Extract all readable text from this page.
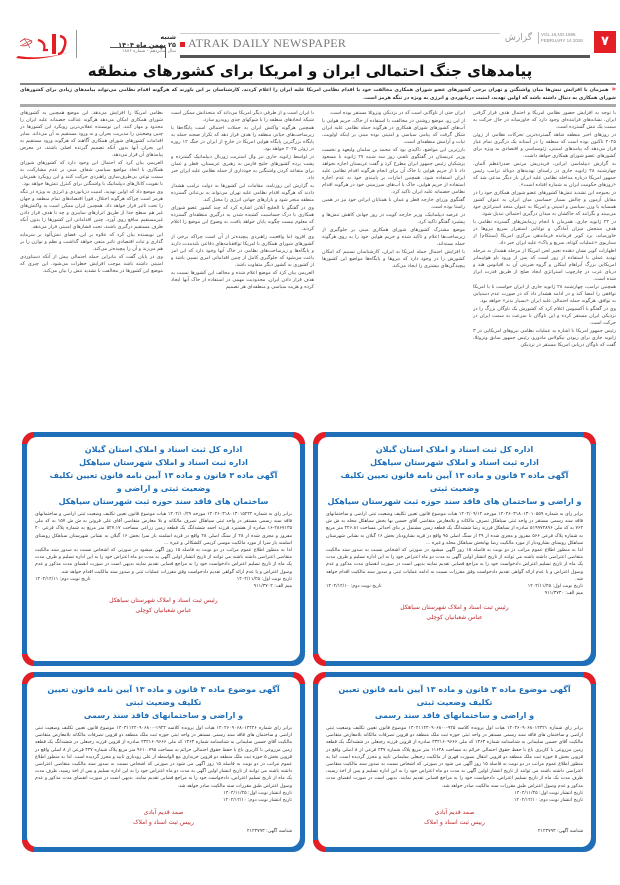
۷
VOL.16,NO.1886
FEBRUARY 14 2026
گزارش
ATRAK DAILY NEWSPAPER
شنبه
۲۵ بهمن ماه ۱۴۰۴
سال شانزدهم - شماره ۱۸۸۶
پیامدهای جنگ احتمالی ایران و امریکا برای کشورهای منطقه
«همزمان با افزایش تنش‌ها میان واشنگتن و تهران برخی کشورهای عضو شورای همکاری مخالفت خود با اقدام نظامی امریکا علیه ایران را اعلام کردند. کارشناسان بر این باورند که هرگونه اقدام نظامی می‌تواند پیامدهای زیادی برای کشورهای شورای همکاری به دنبال داشته باشد که اولین تهدید، امنیت دریانوردی و انرژی به ویژه در تنگه هرمز است.

با توجه به افزایش حضور نظامی امریکا و احتمال هدف قرار گرفتن ایران، نشانه‌های فزاینده‌ای وجود دارد که خاورمیانه در حال حرکت به سمت یک تنش گسترده است.

در روزهای اخیر منطقه شاهد گسترده‌ترین تحرکات نظامی از ژوئن ۲۰۲۵ تاکنون بوده است که منطقه را در آستانه یک درگیری تمام عیار قرار می‌دهد که پیامدهای امنیتی، ژئوسیاسی و اقتصادی به ویژه برای کشورهای عضو شورای همکاری خواهد داشت.

به گزارش دیپلماسی ایرانی، فریدریش مرتس صدراعظم آلمان، چهارشنبه ۲۸ ژانویه جاری در راستای تهدیدهای دونالد ترامپ رئیس جمهور امریکا درباره مداخله نظامی علیه ایران بار دیگر مدعی شد که «روزهای حکومت ایران به شماره افتاده است».

در بحبوحه این تشدید تنش‌ها کشورهای عضو شورای همکاری خود را در مقابل آزمون و چالش بسیار حساسی میان ایران به عنوان کشور همسایه با وزن سیاسی و امنیتی و امریکا به عنوان متحد استراتژی خود می‌بینند و نگرانند که خاکشان به میدان درگیری احتمالی تبدیل شود.

در ۲۴ ژانویه جاری، همزمان با انجام رزمایش‌های گسترده نظامی با هدف سنجش میزان آمادگی و توانایی استقرار سریع نیروها در خاورمیانه، برد کوپر فرمانده فرماندهی مرکزی امریکا (سنتکام) از سناریوی «عملیات کوتاه، سریع و پاک» علیه ایران خبر داد.

اظهارات کوپر نشان دهنده تغییر لحن امریکا از مرحله هشدار به مرحله تهدید عملی با استفاده از زور است که پس از ورود ناو هواپیمابر امریکایی بزرگ آبراهام لینکلن و گروه ضربتی آن به اقیانوس هند و دریای عرب در چارچوب استراتژی ایجاد صلح از طریق قدرت ابراز شده است.

همچنین ترامپ، چهارشنبه ۲۸ ژانویه جاری از ایران خواست تا با امریکا توافقی را امضا کند و در ادامه هشدار داد که در صورت عدم دستیابی به توافق، هرگونه حمله احتمالی علیه ایران «بسیار بدتر» خواهد بود.

وی در گفتگو با آکسیوس اعلام کرد که کشورش یک ناوگان بزرگ را در نزدیکی ایران مستقر کرده و این ناوگان با سرعت به سمت ایران در حرکت است.

رئیس جمهور امریکا با اشاره به عملیات نظامی نیروهای امریکایی در ۳ ژانویه جاری برای ربودن نیکولاس مادورو، رئیس جمهور سابق ونزوئلا، گفت که ناوگان دریایی امریکا مستقر در نزدیکی

ایران حتی از ناوگانی است که در نزدیکی ونزوئلا مستقر بوده است.

از این رو، موضع روشنی در مخالفت با استفاده از خاک، حریم هوایی یا آب‌های کشورهای شورای همکاری در هرگونه حمله نظامی علیه ایران شکل گرفت که پیامی سیاسی و امنیتی بوده مبنی بر اینکه اولویت، ثبات و آرامش منطقه‌ای است.

بارزترین این مواضع، تاکیدی بود که محمد بن سلمان ولیعهد و نخست وزیر عربستان در گفتگوی تلفنی روز سه شنبه ۲۷ ژانویه با مسعود پزشکیان رئیس جمهور ایران مطرح کرد و گفت عربستان اجازه نخواهد داد تا از حریم هوایی یا خاک آن برای انجام هرگونه اقدام نظامی علیه ایران استفاده شود. همچنین امارات بر پایبندی خود به عدم اجازه استفاده از حریم هوایی، خاک یا آب‌های سرزمینی خود در هرگونه اقدام نظامی خصمانه علیه ایران تاکید کرد.

گفتگوی وزرای خارجه قطر و عمان با همتایان ایرانی خود نیز در همین راستا بوده است.

در عرصه دیپلماتیک، وزیر خارجه کویت در روز جهانی کاهش تنش‌ها و پیشبرد گفتگو تاکید کرد.

موضع مشترک کشورهای شورای همکاری مبنی بر جلوگیری از زیرساخت‌ها اعلام و تاکید شده و حریم هوایی خود را به روی هرگونه حمله بسته‌اند.

با افزایش احتمال حمله امریکا به ایران، کارشناسان تسنیم که امکان کشورش را در وجود دارد که نیروها و پایگاه‌ها مواضع این کشورها پیچیدگی‌های بیشتری را ایجاد می‌کند.

با ایران است و از طرفی دیگر امریکا می‌داند که متحدانش ممکن است شبکه اتحادهای منطقه را با شوکهای جدی روبه‌رو سازد.

همچنین هرگونه واکنش ایران به حملات احتمالی است پایگاه‌ها یا زیرساخت‌های حیاتی منطقه را هدف قرار دهد که تکرار صحنه حمله به پایگاه بزرگترین پایگاه هوایی امریکا در خارج از ایران در جنگ ۱۲ روزه در ژوئن ۲۰۲۵ خواهد بود.

در اواسط ژانویه جاری نیز وال استریت ژورنال دیپلماتیک گسترده و پشت پرده کشورهای خلیج فارس به رهبری عربستان، قطر و عمان برای متقاعد کردن واشنگتن به خودداری از حمله نظامی علیه ایران خبر داد.

به گزارش این روزنامه، مقامات این کشورها به دولت ترامپ هشدار دادند که هرگونه اقدام نظامی علیه تهران می‌تواند به بی‌ثباتی گسترده منطقه منجر شود و بازارهای جهانی انرژی را مختل کند.

وی در گفتگو با الخلیج آنلاین اشاره کرد که چند کشور عضو شورای همکاری با درک حساسیت کشیده شدن به درگیری منطقه‌ای گسترده که معلوم نیست چگونه پایان خواهد یافت، به وضوح این موضع را اعلام کردند.

وی افزود اما واقعیت راهبردی پیچیده‌تر از آن است چراکه برخی از کشورهای شورای همکاری با امریکا توافقنامه‌های دفاعی بلندمدت دارند و پایگاه‌ها و زیرساخت‌های نظامی در خاک آنها وجود دارد که این امر باعث می‌شود که جلوگیری کامل از چنین اقداماتی امری نسبی باشد و از کشوری به کشور دیگر متفاوت باشد.

العریمی بیان کرد که موضع اعلام شده و مخالف این کشورها نسبت به هدف قرار دادن ایران، محدودیت مهمی در استفاده از خاک آنها ایجاد کرده و هزینه سیاسی و منطقه‌ای هر تصمیم

نظامی امریکا را افزایش می‌دهد. این موضع همچنین به کشورهای شورای همکاری امکان می‌دهد هرگونه عدالت خصمانه علیه ایران را محدود و مهار کنند. این نویسنده عقلانی‌ترین رویکرد این کشورها در چنین وضعیتی را مدیریت بحران و نه ورود مستقیم به آن می‌داند. سایر اقدامات کشورهای شورای همکاری آگاهند که هرگونه ورود مستقیم به این بحران آنها بدون آنکه تصمیم گیرنده اصلی باشند، در معرض پیامدهای آن قرار می‌دهد.

العریمی بیان کرد که احتمال این وجود دارد که کشورهای شورای همکاری با اتخاذ مواضع سیاسی شفاف مبنی بر عدم مشارکت، به سمت نوعی بی‌طرف‌سازی راهبردی حرکت کنند و این رویکرد همزمان با تقویت کانال‌های دیپلماتیک با واشنگتن برای کنترل تنش‌ها خواهد بود.

وی موضع داد که اولین تهدید، امنیت دریانوردی و انرژی به ویژه در تنگه هرمز است چراکه هرگونه اختلال، فورا اقتصادهای تمام منطقه و جهان را تحت تاثیر قرار خواهد داد. همچنین ایران ممکن است به واکنش‌های غیر هم سطح جدا از طریق ابزارهای سایبری و چه با هدف قرار دادن غیرمستقیم منافع روی آورد. چنین اقداماتی این کشورها را بدون آنکه طرف مستقیم درگیری باشند، تحت فشارهای امنیتی قرار می‌دهد.

این نویسنده بیان کرد که علاوه بر این، فضای تنش‌آلود بر سرمایه گذاری و ثبات اقتصادی تاثیر منفی خواهد گذاشت و نظم و توازن را بر هم می‌زند و آن را پیچیده‌تر می‌کند.

وی در پایان گفت که بنابراین حمله احتمالی پیش از آنکه دستاوردی امنیتی داشته باشد موجب افزایش خطرات می‌شود. این چیزی که موضع این کشورها در مخالفت با تشدید تنش را بیان می‌کند.

اداره کل ثبت اسناد و املاک استان گیلان
اداره ثبت اسناد و املاک شهرستان سیاهکل
آگهی ماده ۳ قانون و ماده ۱۳ آیین نامه قانون تعیین تکلیف وضعیت ثبتی
و اراضی و ساختمان های فاقد سند حوزه ثبت شهرستان سیاهکل
برابر رای به شماره ۱۴۰۴۶۰۳۱۸۰۱۳۰۱۰۵۵۹ مورخه ۱۴۰۴/۰۹/۱۲ هیات موضوع قانون تعیین تکلیف وضعیت ثبتی اراضی و ساختمانهای فاقد سند رسمی مستقر در واحد ثبتی سیاهکل تصرف مالکانه و بلامعارض متقاضی آقای حسین بها بخش سیاهکل محله به ش ش ۷۶۴ به کد ملی ۵۱۹۹۷۴۸۹۶ صادره از سیاهکل فرزند رضا ششدانگ یک قطعه زمین مشتمل بر بنای احداثی مساحت ۲۲۶.۸۱ متر مربع به شماره پلاک فرعی ۵۶۶ مفروز و مجزی شده از ۴۹ از سنگ اصلی ۹۵ واقع در قریه بشارودبار بخش ۱۶ گیلان به نشانی شهرستان سیاهکل روستای بشارودبار از مورد مالکیت رضا بهابخش سیاهکل محله و غیره ...
لذا به منظور اطلاع عموم مراتب در دو نوبت به فاصله ۱۵ روز آگهی میشود در صورتی که اشخاص نسبت به صدور سند مالکیت متقاضی اعتراضی داشته باشند می توانند از تاریخ انتشار اولین آگهی به مدت دو ماه اعتراض خود را به این اداره تسلیم و ظرف مدت یک ماه از تاریخ تسلیم اعتراض دادخواست خود را به مراجع قضایی تقدیم نمایند بدیهی است در صورت انقضای مدت مذکور و عدم وصول اعتراض و یا عدم ارائه گواهی تقدیم دادخواست وفق مقررات نسبت به ادامه عملیات ثبتی و صدور سند مالکیت اقدام خواهد شد.
تاریخ نوبت اول: ۱۴۰۴/۱۱/۲۵
تاریخ نوبت دوم: ۱۴۰۴/۱۲/۱۰
میم الف: ۹۱۱/۳۷۳۰
رئیس ثبت اسناد و املاک شهرستان سیاهکل
عباس شعبانیان کوچلی
اداره کل ثبت اسناد و املاک استان گیلان
اداره ثبت اسناد و املاک شهرستان سیاهکل
آگهی ماده ۳ قانون و ماده ۱۳ آیین نامه قانون تعیین تکلیف وضعیت ثبتی و اراضی و
ساختمان های فاقد سند حوزه ثبت شهرستان سیاهکل
برابر رای به شماره ۱۴۰۴۶۰۳۱۸۰۱۳۰۱۵۲۲۲ مورخه ۱۴۰۴/۱۰/۲۹ هیات موضوع قانون تعیین تکلیف وضعیت ثبتی اراضی و ساختمانهای فاقد سند رسمی مستقر در واحد ثبتی سیاهکل تصرف مالکانه و بلا معارض متقاضی آقای علی فروتن به ش ش ۱۵۷ به کد ملی ۲۸۶۷۱۳۵-۱۶ صادره از هشتپرد فرزند احمد ششدانگ یک قطعه زمین زراعی مساحت ۵۲۷.۱۷ متر مربع به شماره پلاک فرعی ۴۰ مفروز و مجزی شده از ۴۸ از سنگ اصلی ۴۸ واقع در قریه اسلمند یار سرا بخش ۱۶ گیلان به نشانی شهرستان سیاهکل روستای اسلمند یار سرا از مورد مالکیت موسی کریمی کلشکالی و غیره ...
لذا به منظور اطلاع عموم مراتب در دو نوبت به فاصله ۱۵ روز آگهی میشود در صورتی که اشخاص نسبت به صدور سند مالکیت متقاضی اعتراضی داشته باشند می توانند از تاریخ انتشار اولین آگهی به مدت دو ماه اعتراض خود را به این اداره تسلیم و ظرف مدت یک ماه از تاریخ تسلیم اعتراض دادخواست خود را به مراجع قضایی تقدیم نمایند بدیهی است در صورت انقضای مدت مذکور و عدم وصول اعتراض و یا عدم ارائه گواهی تقدیم دادخواست وفق مقررات عملیات ثبتی و صدور سند مالکیت اقدام خواهد شد.
تاریخ نوبت اول: ۱۴۰۴/۱۱/۲۵
تاریخ نوبت دوم: ۱۴۰۴/۱۲/۱۱
میم الف: ۹۱۱/۳۷۰۲
رئیس ثبت اسناد و املاک شهرستان سیاهکل
عباس شعبانیان کوچلی
آگهی موضوع ماده ۳ قانون و ماده ۱۳ آیین نامه قانون تعیین تکلیف وضعیت ثبتی
و اراضی و ساختمانهای فاقد سند رسمی
برابر رای شماره ۱۴۰۴۶۰۹۰۶۸۰۱۴۴۲۱ هیات اول پرونده کلاسه ۹۲۵-۱۴۰۴۱۱۴۴۰۹۰۶۸۰۰ موضوع قانون تعیین تکلیف وضعیت ثبتی اراضی و ساختمان های فاقد سند رسمی مستقر در واحد ثبتی حوزه ثبت ملک منطقه دو قزوین تصرفات مالکانه بلامعارض متقاضی مالکیت آقای حسین سلیمانی به شناسنامه شماره ۱۳۶۳ کد ملی ۴۳۲۱۶۰۹۶۶۶ صادره از قزوین فرزند رجبعلی در ششدانگ یک قطعه زمین مزروعی با کاربری باغ با حفظ حقوق احتمالی حرائم به مساحت ۱۱۶۲۸ متر مربع پلاک شماره ۴۳۷ فرعی از ۸ اصلی واقع در قزوین بخش ۵ حوزه ثبت ملک منطقه دو قزوین انتقال بصورت قهری از مالکیت رجبعلی سلیمانی تایید و محرز گردیده است. لذا به منظور اطلاع عموم مراتب در دو نوبت به فاصله ۱۵ روز آگهی می شود در صورتی که اشخاص نسبت به صدور سند مالکیت متقاضی اعتراضی داشته باشند می توانند از تاریخ انتشار اولین آگهی به مدت دو ماه اعتراض خود را به این اداره تسلیم و پس از اخذ رسید، ظرف مدت یک ماه از تاریخ تسلیم اعتراض، دادخواست خود را به مراجع قضایی تقدیم نمایند. بدیهی است در صورت انقضای مدت مذکور و عدم وصول اعتراض طبق مقررات سند مالکیت صادر خواهد شد.
تاریخ انتشار نوبت اول: ۱۴۰۴/۱۱/۲۵
تاریخ انتشار نوبت دوم: ۱۴۰۴/۱۲/۱۰
صمد قدیم آبادی
رییس ثبت اسناد و املاک
شناسه آگهی: ۲۱۲۳۷۹۳
آگهی موضوع ماده ۳ قانون و ماده ۱۳ آیین نامه قانون تعیین تکلیف وضعیت ثبتی
و اراضی و ساختمانهای فاقد سند رسمی
برابر رای شماره ۱۴۰۴۶۰۹۰۶۸۰۱۴۴۲۶ هیات اول پرونده کلاسه ۱۹۲۴-۱۴۰۳۱۱۴۴۰۹۰۶۸۰۰ موضوع قانون تعیین تکلیف وضعیت ثبتی اراضی و ساختمان های فاقد سند رسمی مستقر در واحد ثبتی حوزه ثبت ملک منطقه دو قزوین تصرفات مالکانه بلامعارض متقاضی مالکیت آقای حسین سلیمانی به شناسنامه شماره ۱۳۶۳ کد ملی ۴۳۲۱۶۰۹۶۶۶ صادره از قزوین فرزند رجبعلی در ششدانگ یک قطعه زمین مزروعی با کاربری باغ با حفظ حقوق احتمالی حرائم به مساحت ۹۶۱۰.۷۹۵ متر مربع پلاک شماره ۴۳۷ فرعی از ۸ اصلی واقع در قزوین بخش ۵ حوزه ثبت ملک منطقه دو قزوین خریداری مع الواسطه از علی رودباری تایید و محرز گردیده است. لذا به منظور اطلاع عموم مراتب در دو نوبت به فاصله ۱۵ روز آگهی می شود در صورتی که اشخاص نسبت به صدور سند مالکیت متقاضی اعتراضی داشته باشند می توانند از تاریخ انتشار اولین آگهی به مدت دو ماه اعتراض خود را به این اداره تسلیم و پس از اخذ رسید، ظرف مدت یک ماه از تاریخ تسلیم اعتراض، دادخواست خود را به مراجع قضایی تقدیم نمایند. بدیهی است در صورت انقضای مدت مذکور و عدم وصول اعتراض طبق مقررات سند مالکیت صادر خواهد شد.
تاریخ انتشار نوبت اول: ۱۴۰۴/۱۱/۲۵
تاریخ انتشار نوبت دوم: ۱۴۰۴/۱۲/۱۰
صمد قدیم آبادی
رییس ثبت اسناد و املاک
شناسه آگهی: ۲۱۲۳۷۹۳
